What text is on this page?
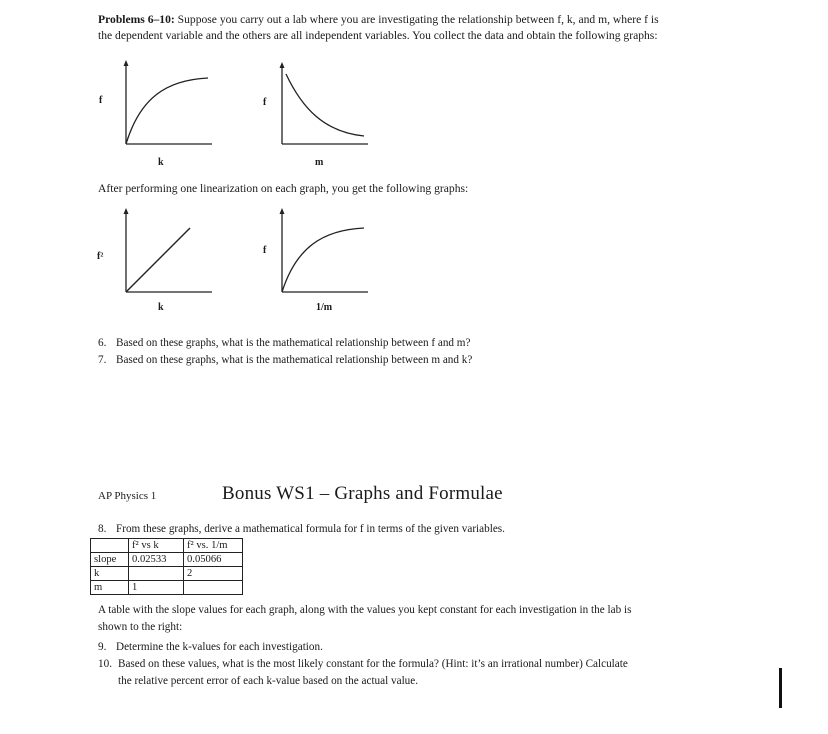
Problems 6–10: Suppose you carry out a lab where you are investigating the relationship between f, k, and m, where f is
the dependent variable and the others are all independent variables. You collect the data and obtain the following graphs:
f
k
f
m
After performing one linearization on each graph, you get the following graphs:
f²
k
f
1/m
6. Based on these graphs, what is the mathematical relationship between f and m?
7. Based on these graphs, what is the mathematical relationship between m and k?
AP Physics 1	Bonus WS1 – Graphs and Formulae
8. From these graphs, derive a mathematical formula for f in terms of the given variables.
	f² vs k	f² vs. 1/m
slope	0.02533	0.05066
k		2
m	1	
A table with the slope values for each graph, along with the values you kept constant for each investigation in the lab is
shown to the right:
9. Determine the k-values for each investigation.
10. Based on these values, what is the most likely constant for the formula? (Hint: it’s an irrational number) Calculate
the relative percent error of each k-value based on the actual value.
